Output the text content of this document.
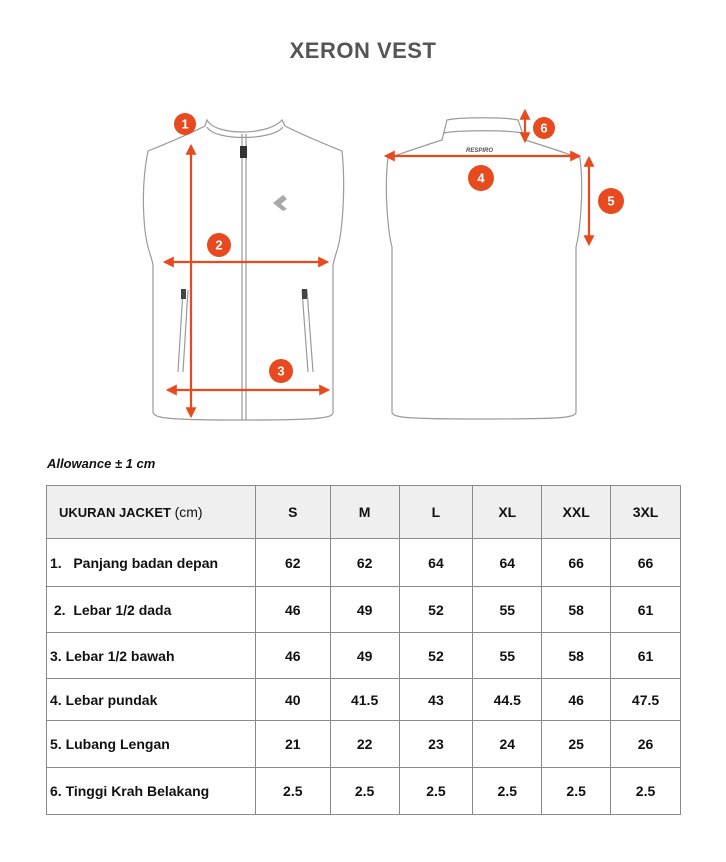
XERON VEST
RESPIRO
1
2
3
4
5
6
Allowance ± 1 cm
UKURAN JACKET (cm)	S	M	L	XL	XXL	3XL
1.   Panjang badan depan	62	62	64	64	66	66
2.  Lebar 1/2 dada	46	49	52	55	58	61
3. Lebar 1/2 bawah	46	49	52	55	58	61
4. Lebar pundak	40	41.5	43	44.5	46	47.5
5. Lubang Lengan	21	22	23	24	25	26
6. Tinggi Krah Belakang	2.5	2.5	2.5	2.5	2.5	2.5
